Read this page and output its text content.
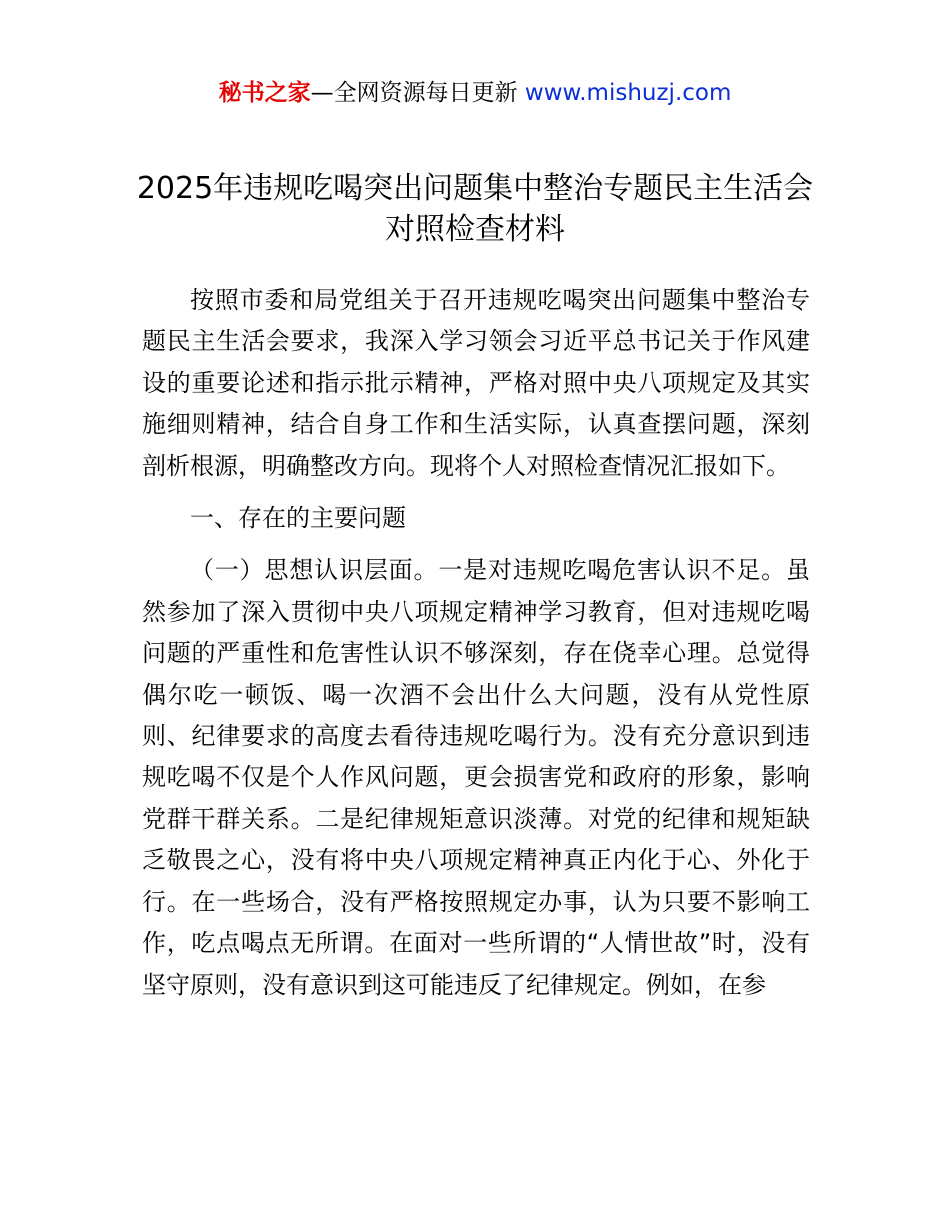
秘书之家—全网资源每日更新 www.mishuzj.com
2025年违规吃喝突出问题集中整治专题民主生活会对照检查材料

按照市委和局党组关于召开违规吃喝突出问题集中整治专题民主生活会要求，我深入学习领会习近平总书记关于作风建设的重要论述和指示批示精神，严格对照中央八项规定及其实施细则精神，结合自身工作和生活实际，认真查摆问题，深刻剖析根源，明确整改方向。现将个人对照检查情况汇报如下。

一、存在的主要问题

（一）思想认识层面。一是对违规吃喝危害认识不足。虽然参加了深入贯彻中央八项规定精神学习教育，但对违规吃喝问题的严重性和危害性认识不够深刻，存在侥幸心理。总觉得偶尔吃一顿饭、喝一次酒不会出什么大问题，没有从党性原则、纪律要求的高度去看待违规吃喝行为。没有充分意识到违规吃喝不仅是个人作风问题，更会损害党和政府的形象，影响党群干群关系。二是纪律规矩意识淡薄。对党的纪律和规矩缺乏敬畏之心，没有将中央八项规定精神真正内化于心、外化于行。在一些场合，没有严格按照规定办事，认为只要不影响工作，吃点喝点无所谓。在面对一些所谓的“人情世故”时，没有坚守原则，没有意识到这可能违反了纪律规定。例如，在参
